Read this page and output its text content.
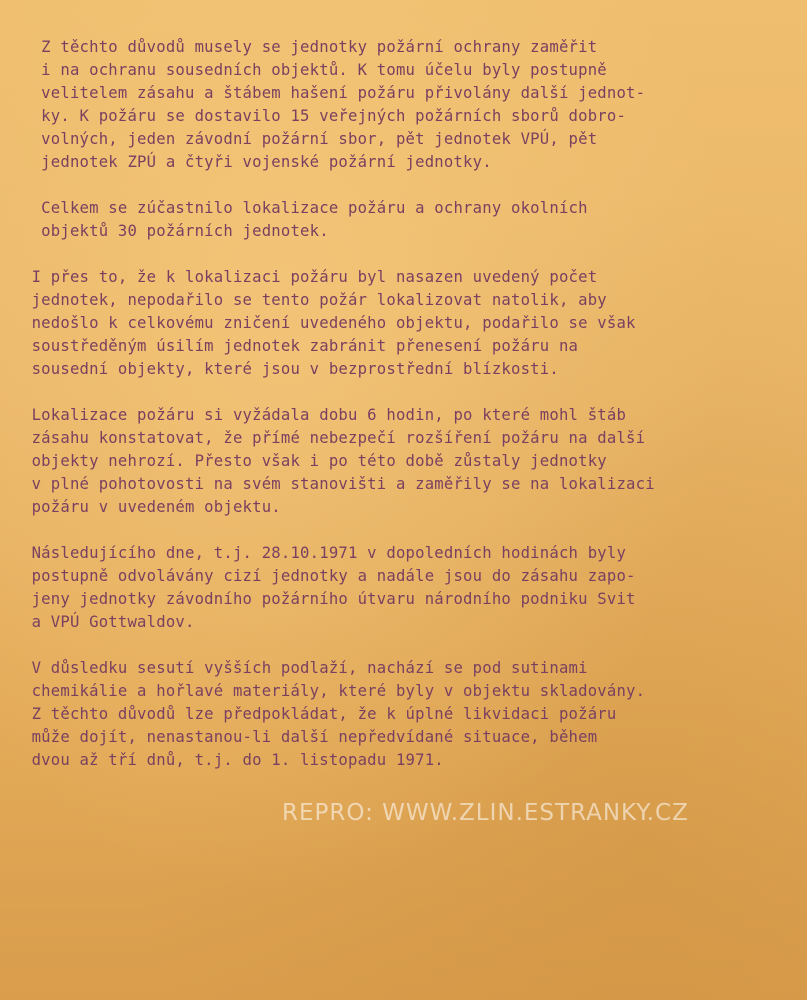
Z těchto důvodů musely se jednotky požární ochrany zaměřit
i na ochranu sousedních objektů. K tomu účelu byly postupně
velitelem zásahu a štábem hašení požáru přivolány další jednot-
ky. K požáru se dostavilo 15 veřejných požárních sborů dobro-
volných, jeden závodní požární sbor, pět jednotek VPÚ, pět
jednotek ZPÚ a čtyři vojenské požární jednotky.
Celkem se zúčastnilo lokalizace požáru a ochrany okolních
objektů 30 požárních jednotek.
I přes to, že k lokalizaci požáru byl nasazen uvedený počet
jednotek, nepodařilo se tento požár lokalizovat natolik, aby
nedošlo k celkovému zničení uvedeného objektu, podařilo se však
soustředěným úsilím jednotek zabránit přenesení požáru na
sousední objekty, které jsou v bezprostřední blízkosti.
Lokalizace požáru si vyžádala dobu 6 hodin, po které mohl štáb
zásahu konstatovat, že přímé nebezpečí rozšíření požáru na další
objekty nehrozí. Přesto však i po této době zůstaly jednotky
v plné pohotovosti na svém stanovišti a zaměřily se na lokalizaci
požáru v uvedeném objektu.
Následujícího dne, t.j. 28.10.1971 v dopoledních hodinách byly
postupně odvolávány cizí jednotky a nadále jsou do zásahu zapo-
jeny jednotky závodního požárního útvaru národního podniku Svit
a VPÚ Gottwaldov.
V důsledku sesutí vyšších podlaží, nachází se pod sutinami
chemikálie a hořlavé materiály, které byly v objektu skladovány.
Z těchto důvodů lze předpokládat, že k úplné likvidaci požáru
může dojít, nenastanou-li další nepředvídané situace, během
dvou až tří dnů, t.j. do 1. listopadu 1971.
REPRO: WWW.ZLIN.ESTRANKY.CZ
